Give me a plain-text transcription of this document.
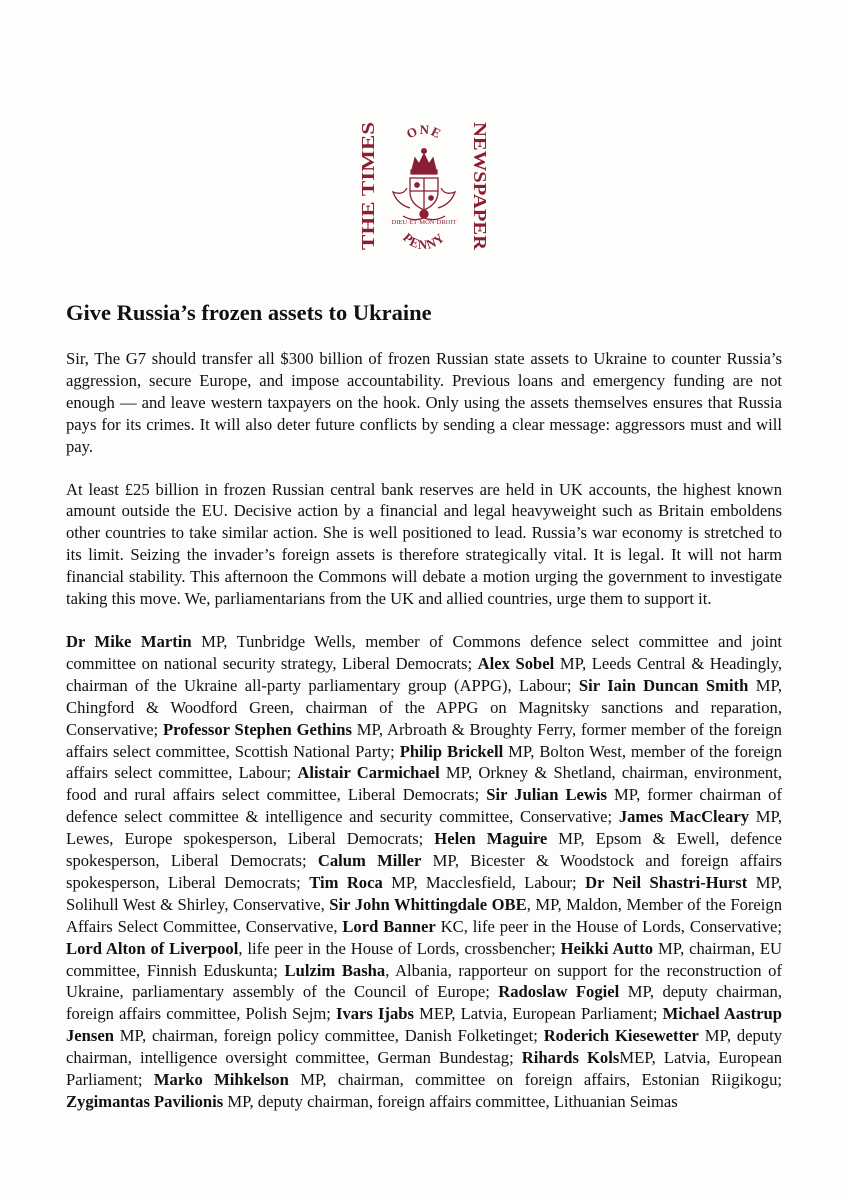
THE TIMES	NEWSPAPER
ONE
DIEU·ET·MON·DROIT
PENNY
Give Russia’s frozen assets to Ukraine

Sir, The G7 should transfer all $300 billion of frozen Russian state assets to Ukraine to counter Russia’s aggression, secure Europe, and impose accountability. Previous loans and emergency funding are not enough — and leave western taxpayers on the hook. Only using the assets themselves ensures that Russia pays for its crimes. It will also deter future conflicts by sending a clear message: aggressors must and will pay.

At least £25 billion in frozen Russian central bank reserves are held in UK accounts, the highest known amount outside the EU. Decisive action by a financial and legal heavyweight such as Britain emboldens other countries to take similar action. She is well positioned to lead. Russia’s war economy is stretched to its limit. Seizing the invader’s foreign assets is therefore strategically vital. It is legal. It will not harm financial stability. This afternoon the Commons will debate a motion urging the government to investigate taking this move. We, parliamentarians from the UK and allied countries, urge them to support it.

Dr Mike Martin MP, Tunbridge Wells, member of Commons defence select committee and joint committee on national security strategy, Liberal Democrats; Alex Sobel MP, Leeds Central & Headingly, chairman of the Ukraine all-party parliamentary group (APPG), Labour; Sir Iain Duncan Smith MP, Chingford & Woodford Green, chairman of the APPG on Magnitsky sanctions and reparation, Conservative; Professor Stephen Gethins MP, Arbroath & Broughty Ferry, former member of the foreign affairs select committee, Scottish National Party; Philip Brickell MP, Bolton West, member of the foreign affairs select committee, Labour; Alistair Carmichael MP, Orkney & Shetland, chairman, environment, food and rural affairs select committee, Liberal Democrats; Sir Julian Lewis MP, former chairman of defence select committee & intelligence and security committee, Conservative; James MacCleary MP, Lewes, Europe spokesperson, Liberal Democrats; Helen Maguire MP, Epsom & Ewell, defence spokesperson, Liberal Democrats; Calum Miller MP, Bicester & Woodstock and foreign affairs spokesperson, Liberal Democrats; Tim Roca MP, Macclesfield, Labour; Dr Neil Shastri-Hurst MP, Solihull West & Shirley, Conservative, Sir John Whittingdale OBE, MP, Maldon, Member of the Foreign Affairs Select Committee, Conservative, Lord Banner KC, life peer in the House of Lords, Conservative; Lord Alton of Liverpool, life peer in the House of Lords, crossbencher; Heikki Autto MP, chairman, EU committee, Finnish Eduskunta; Lulzim Basha, Albania, rapporteur on support for the reconstruction of Ukraine, parliamentary assembly of the Council of Europe; Radoslaw Fogiel MP, deputy chairman, foreign affairs committee, Polish Sejm; Ivars Ijabs MEP, Latvia, European Parliament; Michael Aastrup Jensen MP, chairman, foreign policy committee, Danish Folketinget; Roderich Kiesewetter MP, deputy chairman, intelligence oversight committee, German Bundestag; Rihards KolsMEP, Latvia, European Parliament; Marko Mihkelson MP, chairman, committee on foreign affairs, Estonian Riigikogu; Zygimantas Pavilionis MP, deputy chairman, foreign affairs committee, Lithuanian Seimas
